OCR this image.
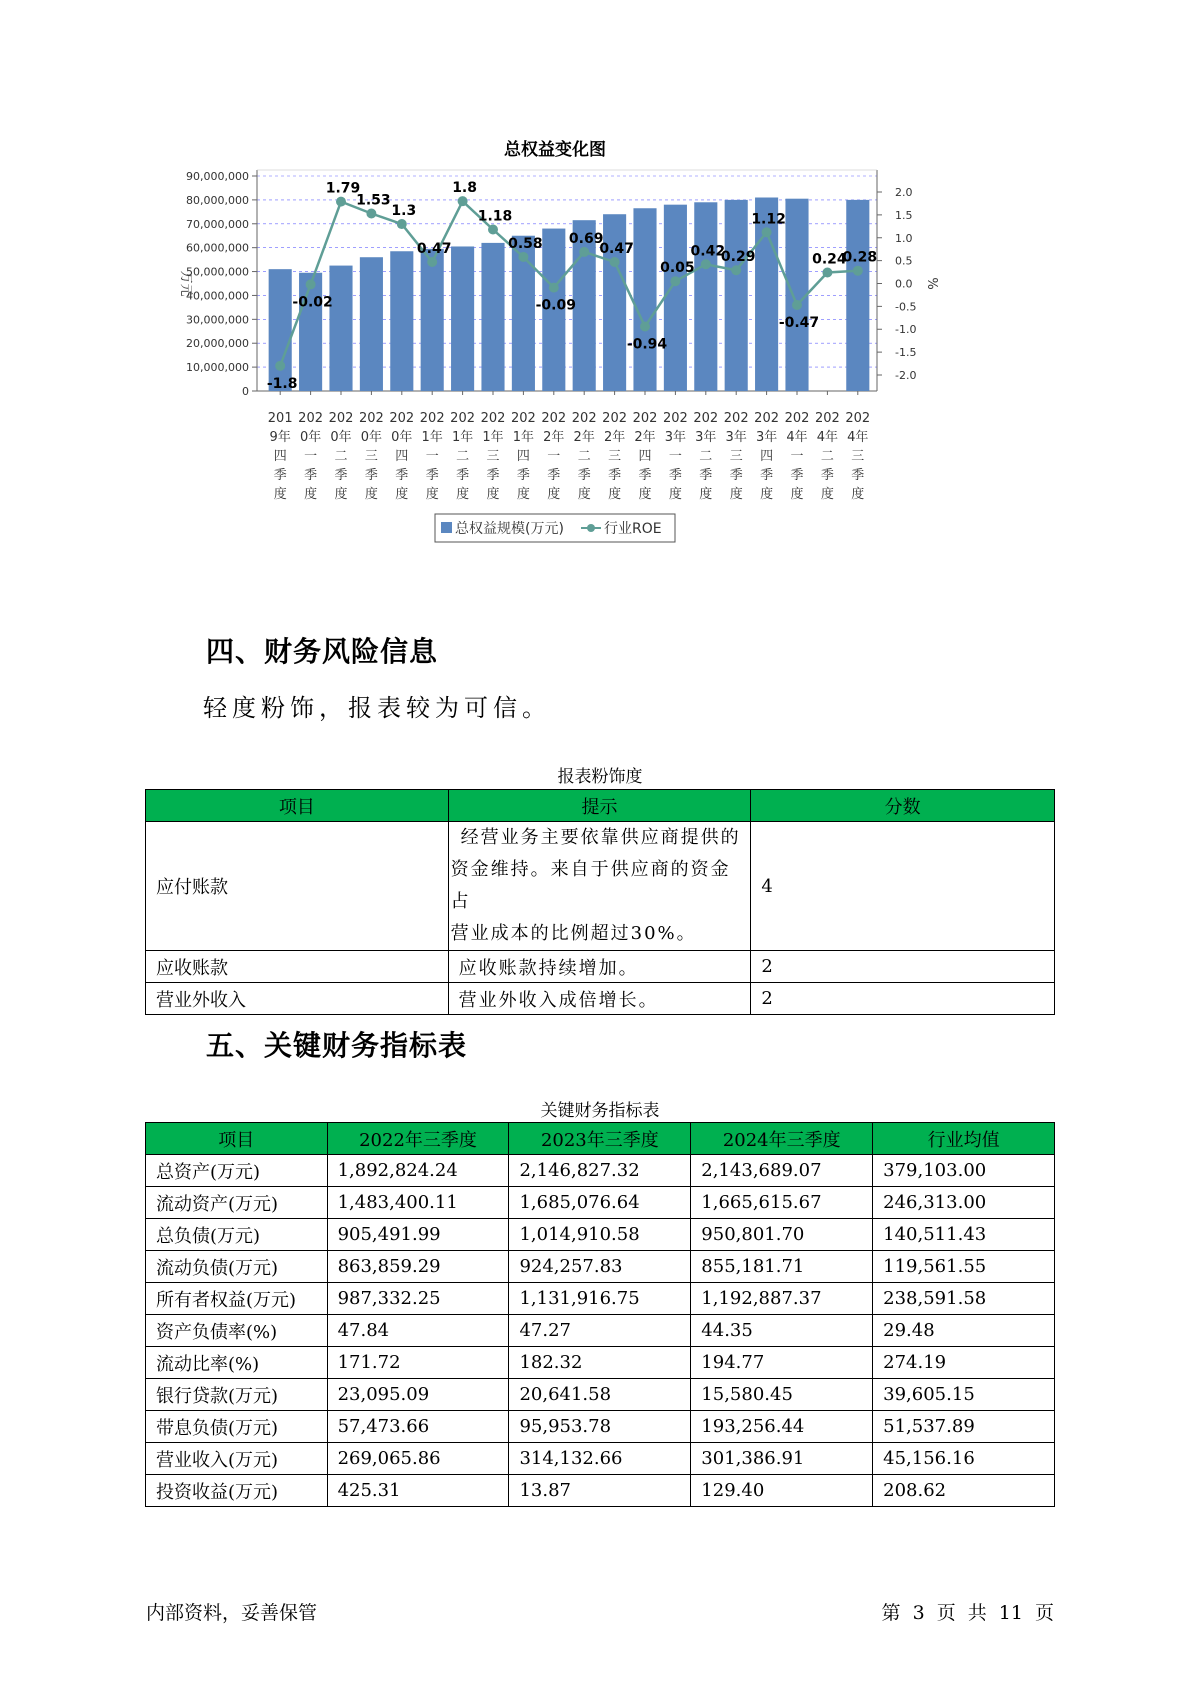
总权益变化图
0
10,000,000
20,000,000
30,000,000
40,000,000
50,000,000
60,000,000
70,000,000
80,000,000
90,000,000
-2.0
-1.5
-1.0
-0.5
0.0
0.5
1.0
1.5
2.0
万元	%
201
9年
四
季
度
202
0年
一
季
度
202
0年
二
季
度
202
0年
三
季
度
202
0年
四
季
度
202
1年
一
季
度
202
1年
二
季
度
202
1年
三
季
度
202
1年
四
季
度
202
2年
一
季
度
202
2年
二
季
度
202
2年
三
季
度
202
2年
四
季
度
202
3年
一
季
度
202
3年
二
季
度
202
3年
三
季
度
202
3年
四
季
度
202
4年
一
季
度
202
4年
二
季
度
202
4年
三
季
度
-1.8
-0.02
1.79
1.53
1.3
0.47
1.8
1.18
0.58
-0.09
0.69
0.47
-0.94
0.05
0.42
0.29
1.12
-0.47
0.24
0.28
总权益规模(万元)	行业ROE
四、财务风险信息
轻度粉饰，报表较为可信。
报表粉饰度
项目	提示	分数
应付账款	经营业务主要依靠供应商提供的
资金维持。来自于供应商的资金占
营业成本的比例超过30%。	4
应收账款	应收账款持续增加。	2
营业外收入	营业外收入成倍增长。	2
五、关键财务指标表
关键财务指标表
项目	2022年三季度	2023年三季度	2024年三季度	行业均值
总资产(万元)	1,892,824.24	2,146,827.32	2,143,689.07	379,103.00
流动资产(万元)	1,483,400.11	1,685,076.64	1,665,615.67	246,313.00
总负债(万元)	905,491.99	1,014,910.58	950,801.70	140,511.43
流动负债(万元)	863,859.29	924,257.83	855,181.71	119,561.55
所有者权益(万元)	987,332.25	1,131,916.75	1,192,887.37	238,591.58
资产负债率(%)	47.84	47.27	44.35	29.48
流动比率(%)	171.72	182.32	194.77	274.19
银行贷款(万元)	23,095.09	20,641.58	15,580.45	39,605.15
带息负债(万元)	57,473.66	95,953.78	193,256.44	51,537.89
营业收入(万元)	269,065.86	314,132.66	301,386.91	45,156.16
投资收益(万元)	425.31	13.87	129.40	208.62
内部资料，妥善保管	第 3 页 共 11 页
